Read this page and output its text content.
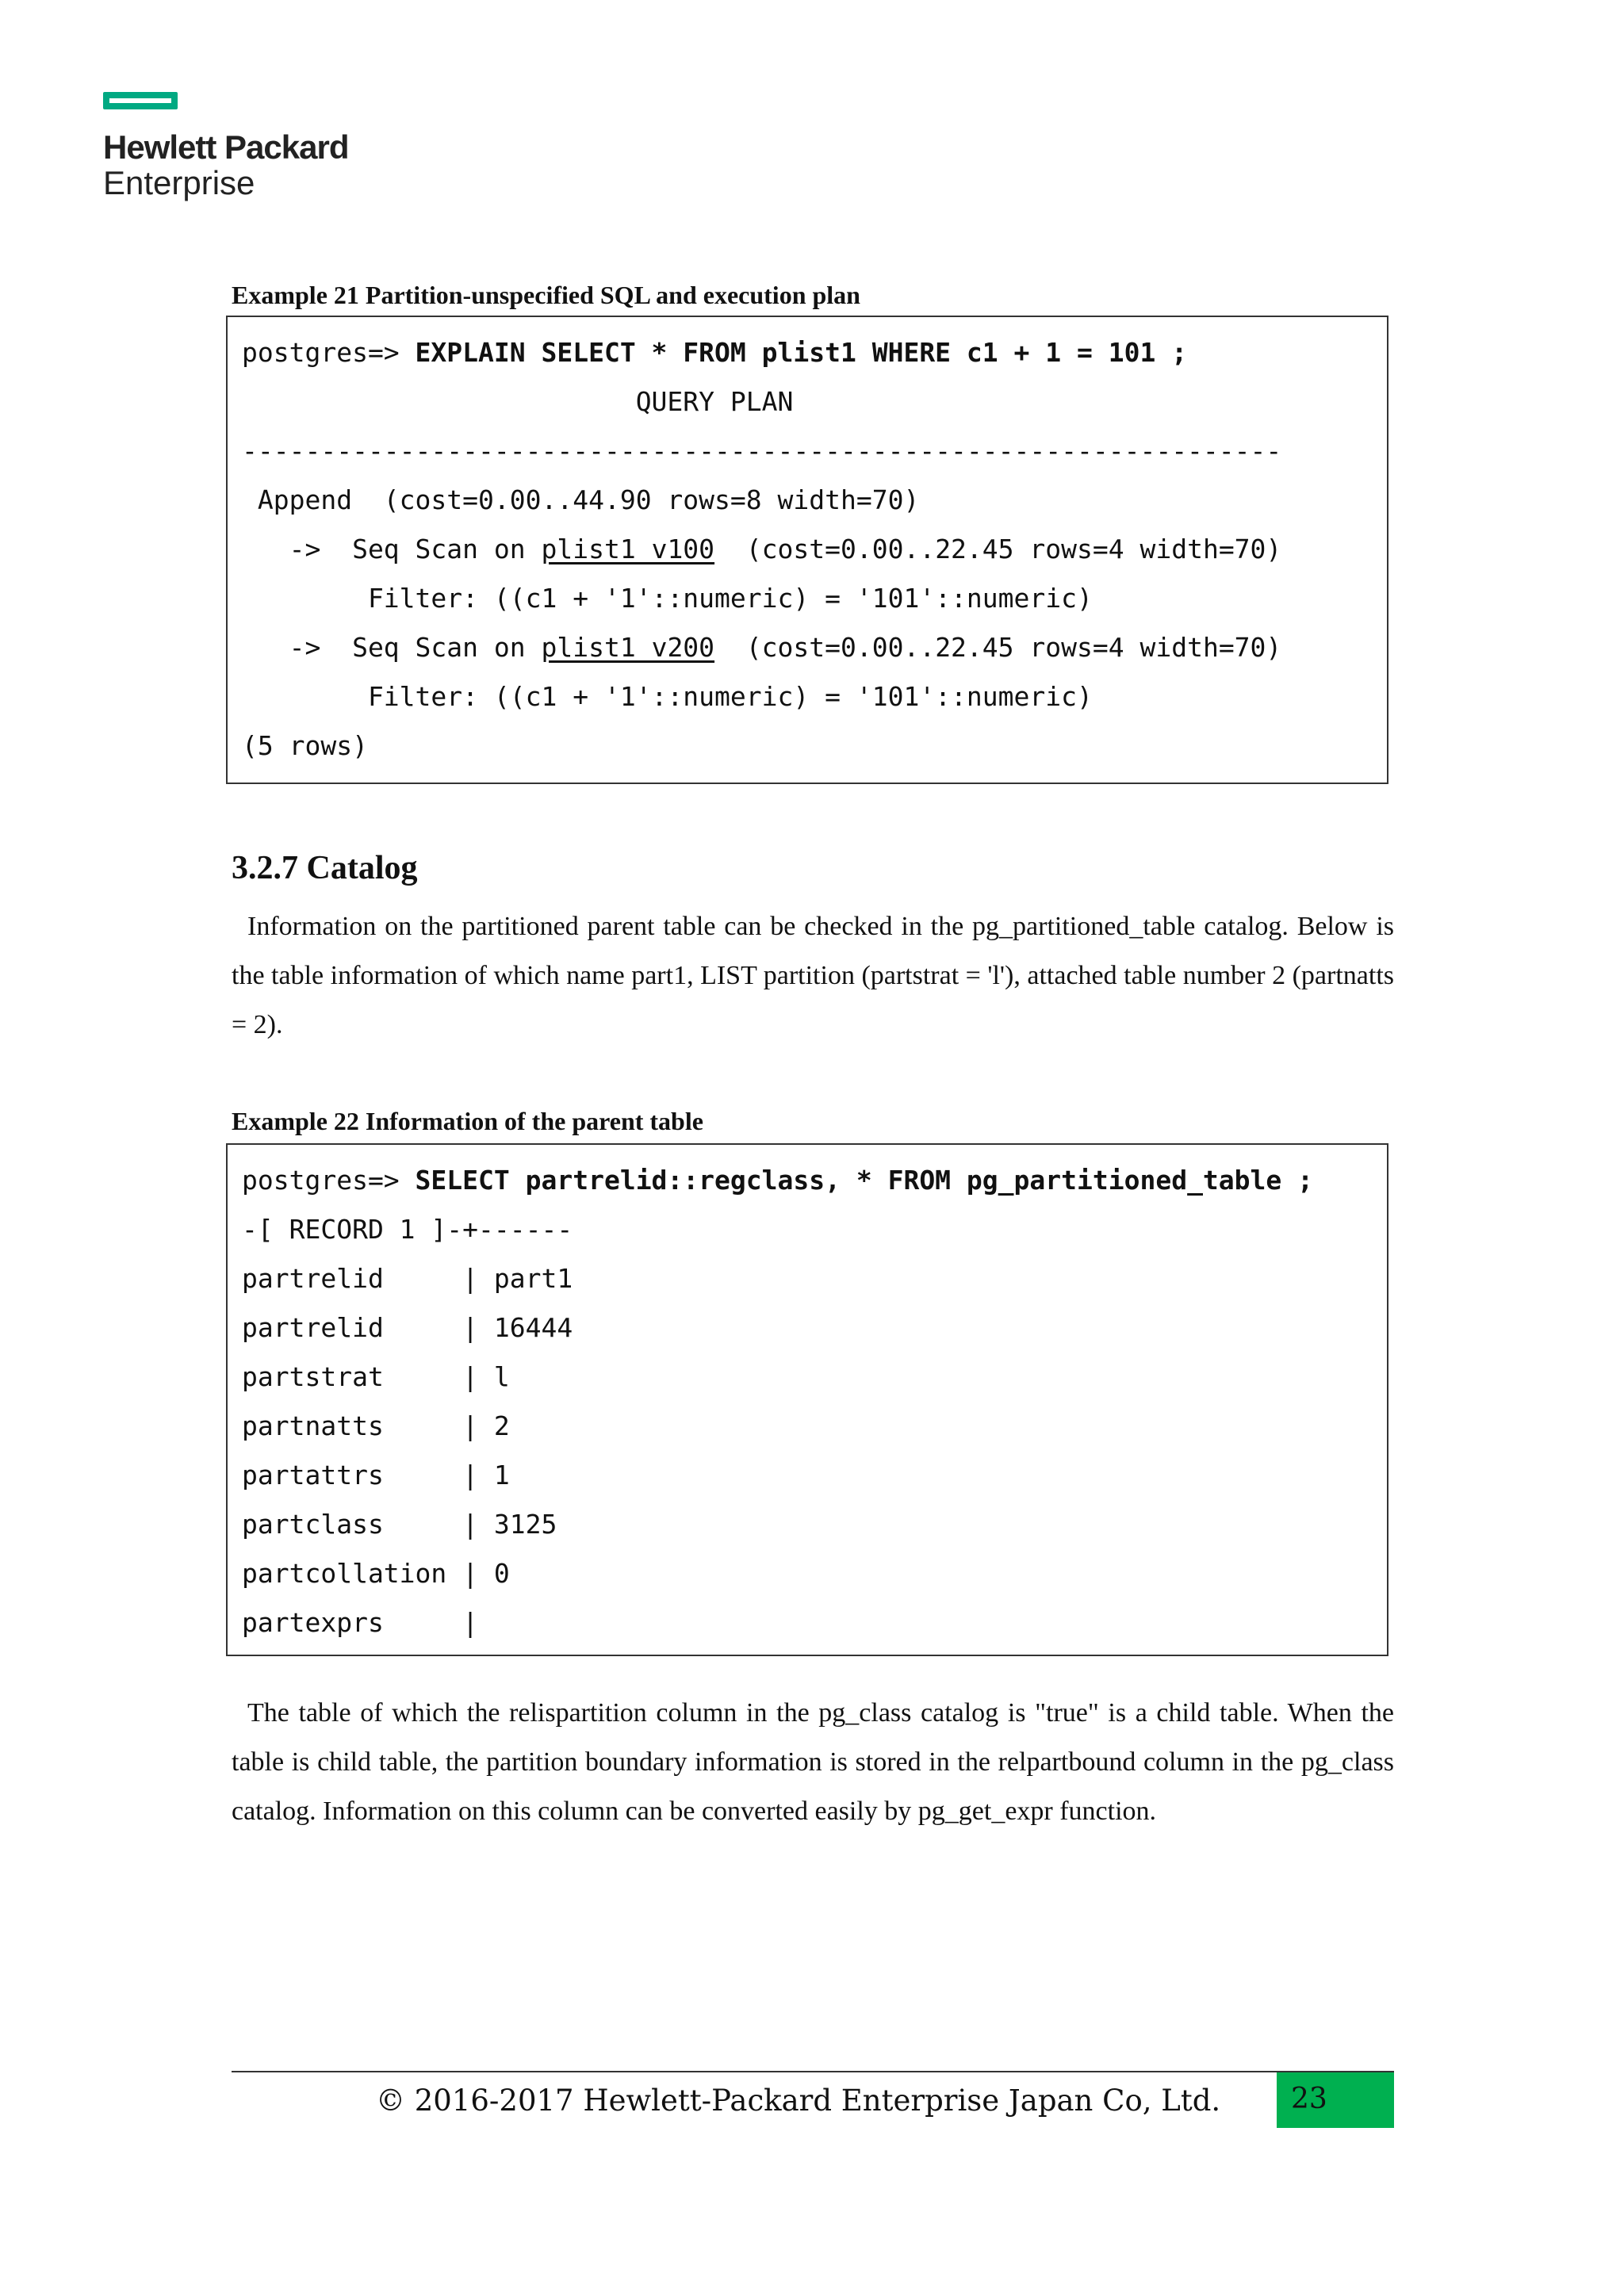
Hewlett Packard
Enterprise
Example 21 Partition-unspecified SQL and execution plan
postgres=> EXPLAIN SELECT * FROM plist1 WHERE c1 + 1 = 101 ;
QUERY PLAN
------------------------------------------------------------------
Append  (cost=0.00..44.90 rows=8 width=70)
->  Seq Scan on plist1_v100  (cost=0.00..22.45 rows=4 width=70)
Filter: ((c1 + '1'::numeric) = '101'::numeric)
->  Seq Scan on plist1_v200  (cost=0.00..22.45 rows=4 width=70)
Filter: ((c1 + '1'::numeric) = '101'::numeric)
(5 rows)
3.2.7 Catalog

Information on the partitioned parent table can be checked in the pg_partitioned_table catalog. Below is the table information of which name part1, LIST partition (partstrat = 'l'), attached table number 2 (partnatts = 2).

Example 22 Information of the parent table
postgres=> SELECT partrelid::regclass, * FROM pg_partitioned_table ;
-[ RECORD 1 ]-+------
partrelid     | part1
partrelid     | 16444
partstrat     | l
partnatts     | 2
partattrs     | 1
partclass     | 3125
partcollation | 0
partexprs     |

The table of which the relispartition column in the pg_class catalog is "true" is a child table. When the table is child table, the partition boundary information is stored in the relpartbound column in the pg_class catalog. Information on this column can be converted easily by pg_get_expr function.

© 2016-2017 Hewlett-Packard Enterprise Japan Co, Ltd.	23
